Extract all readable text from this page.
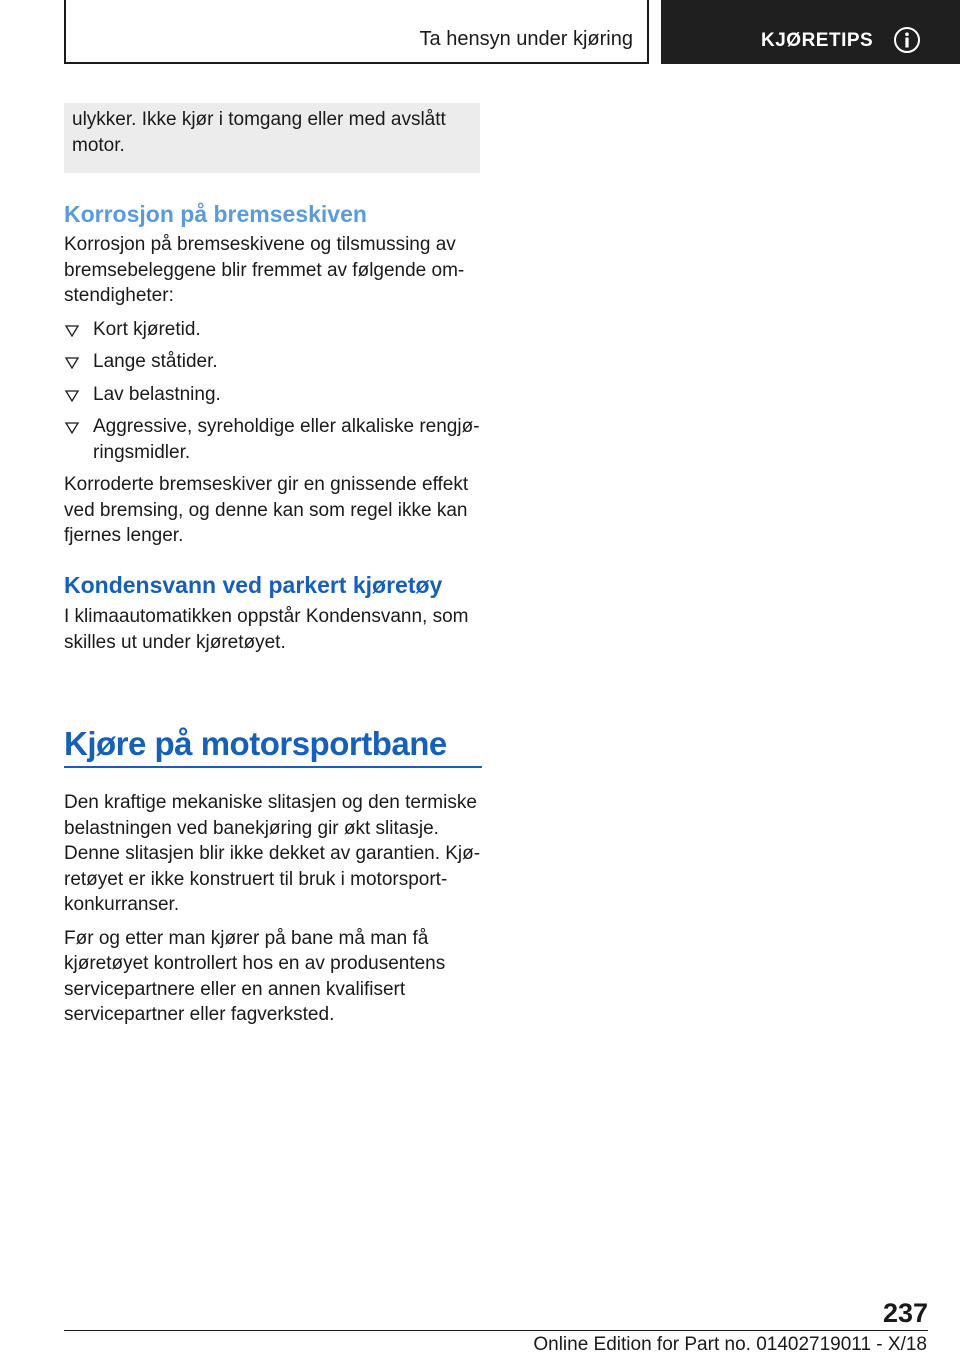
Ta hensyn under kjøring	KJØRETIPS
ulykker. Ikke kjør i tomgang eller med avslått motor.
Korrosjon på bremseskiven

Korrosjon på bremseskivene og tilsmussing av bremsebeleggene blir fremmet av følgende omstendigheter:

Kort kjøretid.
Lange ståtider.
Lav belastning.
Aggressive, syreholdige eller alkaliske rengjøringsmidler.

Korroderte bremseskiver gir en gnissende effekt ved bremsing, og denne kan som regel ikke kan fjernes lenger.

Kondensvann ved parkert kjøretøy

I klimaautomatikken oppstår Kondensvann, som skilles ut under kjøretøyet.

Kjøre på motorsportbane

Den kraftige mekaniske slitasjen og den termiske belastningen ved banekjøring gir økt slitasje. Denne slitasjen blir ikke dekket av garantien. Kjøretøyet er ikke konstruert til bruk i motorsportkonkurranser.

Før og etter man kjører på bane må man få kjøretøyet kontrollert hos en av produsentens servicepartnere eller en annen kvalifisert servicepartner eller fagverksted.

237
Online Edition for Part no. 01402719011 - X/18
